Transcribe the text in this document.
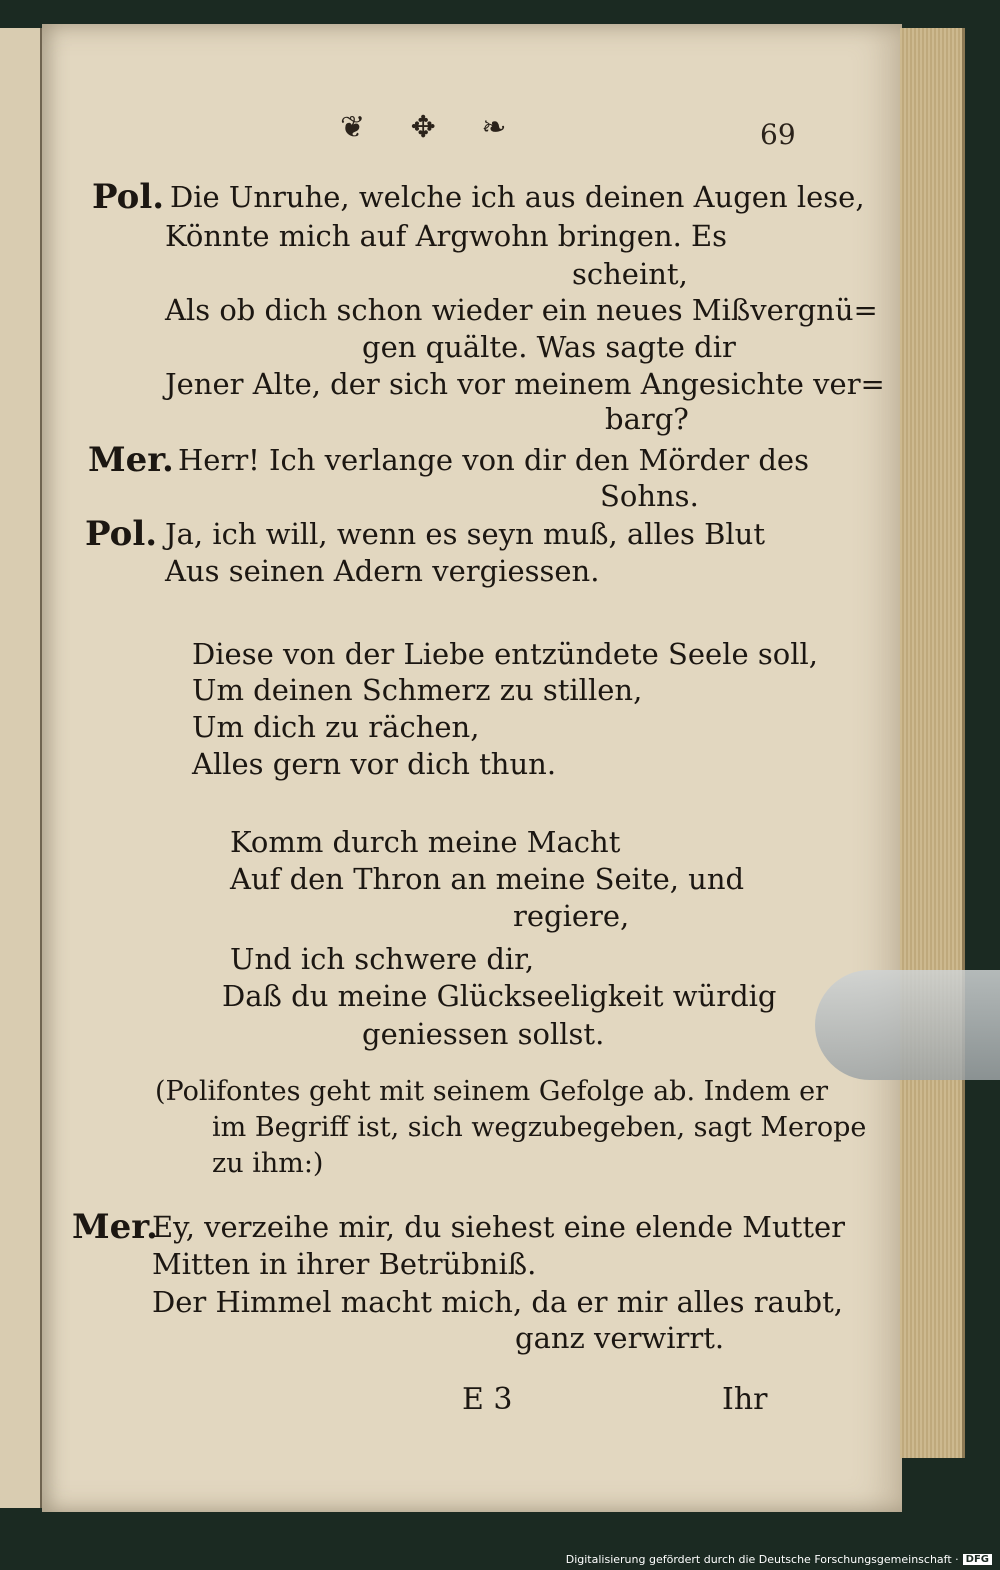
❦ ✥ ❧	69
Pol. Die Unruhe, welche ich aus deinen Augen lese,
Könnte mich auf Argwohn bringen. Es
scheint,
Als ob dich schon wieder ein neues Mißvergnü=
gen quälte. Was sagte dir
Jener Alte, der sich vor meinem Angesichte ver=
barg?
Mer. Herr! Ich verlange von dir den Mörder des
Sohns.
Pol. Ja, ich will, wenn es seyn muß, alles Blut
Aus seinen Adern vergiessen.
Diese von der Liebe entzündete Seele soll,
Um deinen Schmerz zu stillen,
Um dich zu rächen,
Alles gern vor dich thun.
Komm durch meine Macht
Auf den Thron an meine Seite, und
regiere,
Und ich schwere dir,
Daß du meine Glückseeligkeit würdig
geniessen sollst.
(Polifontes geht mit seinem Gefolge ab. Indem er
im Begriff ist, sich wegzubegeben, sagt Merope
zu ihm:)
Mer.
Ey, verzeihe mir, du siehest eine elende Mutter
Mitten in ihrer Betrübniß.
Der Himmel macht mich, da er mir alles raubt,
ganz verwirrt.
E 3	Ihr
Digitalisierung gefördert durch die Deutsche Forschungsgemeinschaft · DFG
